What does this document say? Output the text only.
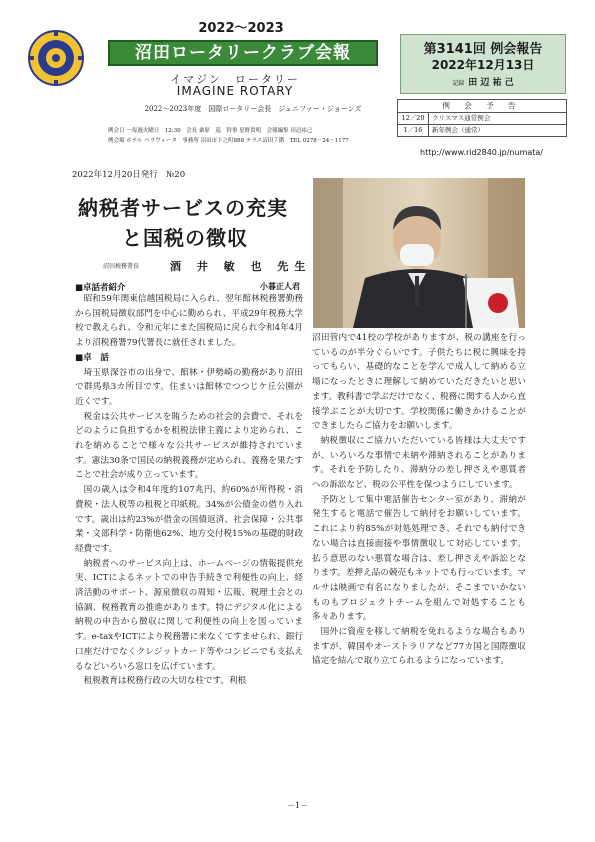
2022～2023
沼田ロータリークラブ会報
イマジン　ロータリー
IMAGINE ROTARY
2022～2023年度　国際ロータリー会長　ジェニファー・ジョーンズ
例会日 一毎週火曜日　12:30　会長 桑原　巡　幹事 星野貴明　会報編集 田辺祐己
例会場 ホテル ベラヴィータ　事務所 沼田市下之町888 テラス沼田７階　TEL 0278－24－1177
第3141回 例会報告
2022年12月13日
記録 田 辺 祐 己
例 会 予 告
12／20	クリスマス通常例会
1／16	新年例会（通常）
http://www.rid2840.jp/numata/
2022年12月20日発行　№20
納税者サービスの充実
と国税の徴収
沼田税務署長	酒 井 敏 也 先生
■卓話者紹介	小暮正人君

昭和59年関東信越国税局に入られ、翌年館林税務署勤務から国税局徴収部門を中心に勤められ、平成29年税務大学校で教えられ、令和元年にまた国税局に戻られ令和4年4月より沼税務署79代署長に就任されました。

■卓　話

埼玉県深谷市の出身で、館林・伊勢崎の勤務があり沼田で群馬県3カ所目です。住まいは館林でつつじケ丘公園が近くです。

税金は公共サービスを賄うための社会的会費で、それをどのように負担するかを租税法律主義により定められ、これを納めることで様々な公共サービスが維持されています。憲法30条で国民の納税義務が定められ、義務を果たすことで社会が成り立っています。

国の歳入は令和4年度約107兆円、約60%が所得税・消費税・法人税等の租税と印紙税。34%が公債金の借り入れです。歳出は約23%が借金の国債返済、社会保障・公共事業・文部科学・防衛他62%、地方交付税15%の基礎的財政経費です。

納税者へのサービス向上は、ホームページの情報提供充実、ICTによるネットでの申告手続きで利便性の向上、経済活動のサポート、源泉徴収の周知・広報、税理士会との協調、税務教育の推進があります。特にデジタル化による納税の申告から徴収に関して利便性の向上を図っています。e-taxやICTにより税務署に来なくてすませられ、銀行口座だけでなくクレジットカード等やコンビニでも支払えるなどいろいろ窓口を広げています。

租税教育は税務行政の大切な柱です。利根

沼田管内で41校の学校がありますが、税の講座を行っているのが半分ぐらいです。子供たちに税に興味を持ってもらい、基礎的なことを学んで成人して納める立場になったときに理解して納めていただきたいと思います。教科書で学ぶだけでなく、税務に関する人から直接学ぶことが大切です。学校関係に働きかけることができましたらご協力をお願いします。

納税徴収にご協力いただいている皆様は大丈夫ですが、いろいろな事情で未納や滞納されることがあります。それを予防したり、滞納分の差し押さえや悪質者への訴訟など、税の公平性を保つようにしています。

予防として集中電話催告センター室があり、滞納が発生すると電話で催告して納付をお願いしています。これにより約85%が対処処理でき、それでも納付できない場合は直接面接や事情徴収して対応しています。払う意思のない悪質な場合は、差し押さえや訴訟となります。差押え品の競売もネットでも行っています。マルサは映画で有名になりましたが、そこまでいかないものもプロジェクトチームを組んで対処することも多々あります。

国外に資産を移して納税を免れるような場合もありますが、韓国やオーストラリアなど77カ国と国際徴収協定を結んで取り立てられるようになっています。

－1－
